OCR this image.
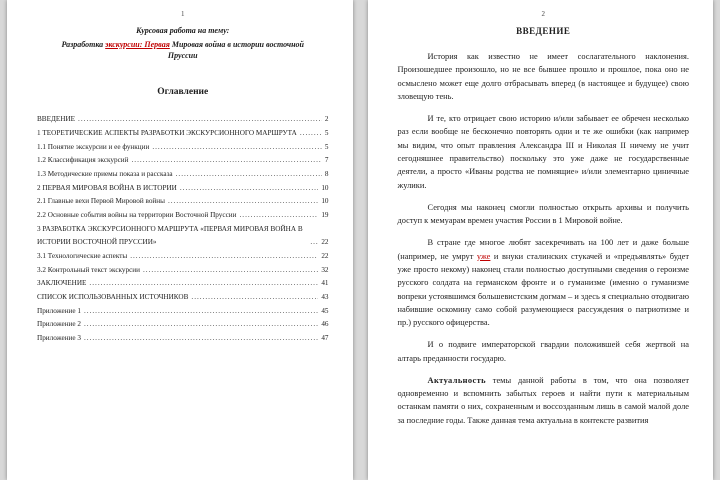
1
Курсовая работа на тему:
Разработка экскурсии: Первая Мировая война в истории восточной Пруссии
Оглавление
ВВЕДЕНИЕ .....	2
1 ТЕОРЕТИЧЕСКИЕ АСПЕКТЫ РАЗРАБОТКИ ЭКСКУРСИОННОГО МАРШРУТА .....	5
1.1 Понятие экскурсии и ее функции .....	5
1.2 Классификация экскурсий .....	7
1.3 Методические приемы показа и рассказа .....	8
2 ПЕРВАЯ МИРОВАЯ ВОЙНА В ИСТОРИИ .....	10
2.1 Главные вехи Первой Мировой войны .....	10
2.2 Основные события войны на территории Восточной Пруссии .....	19
3 РАЗРАБОТКА ЭКСКУРСИОННОГО МАРШРУТА «ПЕРВАЯ МИРОВАЯ ВОЙНА В ИСТОРИИ ВОСТОЧНОЙ ПРУССИИ» .....	22
3.1 Технологические аспекты .....	22
3.2 Контрольный текст экскурсии .....	32
ЗАКЛЮЧЕНИЕ .....	41
СПИСОК ИСПОЛЬЗОВАННЫХ ИСТОЧНИКОВ .....	43
Приложение 1 .....	45
Приложение 2 .....	46
Приложение 3 .....	47
2
ВВЕДЕНИЕ

История как известно не имеет сослагательного наклонения. Произошедшее произошло, но не все бывшее прошло и прошлое, пока оно не осмыслено может еще долго отбрасывать вперед (в настоящее и будущее) свою зловещую тень.

И те, кто отрицает свою историю и/или забывает ее обречен несколько раз если вообще не бесконечно повторять одни и те же ошибки (как например мы видим, что опыт правления Александра III и Николая II ничему не учит сегодняшнее правительство) поскольку это уже даже не государственные деятели, а просто «Иваны родства не помнящие» и/или элементарно циничные жулики.

Сегодня мы наконец смогли полностью открыть архивы и получить доступ к мемуарам времен участия России в 1 Мировой войне.

В стране где многое любят засекречивать на 100 лет и даже больше (например, не умрут уже и внуки сталинских стукачей и «предъявлять» будет уже просто некому) наконец стали полностью доступными сведения о героизме русского солдата на германском фронте и о гуманизме (именно о гуманизме вопреки устоявшимся большевистским догмам – и здесь я специально отодвигаю набившие оскомину само собой разумеющиеся рассуждения о патриотизме и пр.) русского офицерства.

И о подвиге императорской гвардии положившей себя жертвой на алтарь преданности государю.

Актуальность темы данной работы в том, что она позволяет одновременно и вспомнить забытых героев и найти пути к материальным останкам памяти о них, сохраненным и воссозданным лишь в самой малой доле за последние годы. Также данная тема актуальна в контексте развития
